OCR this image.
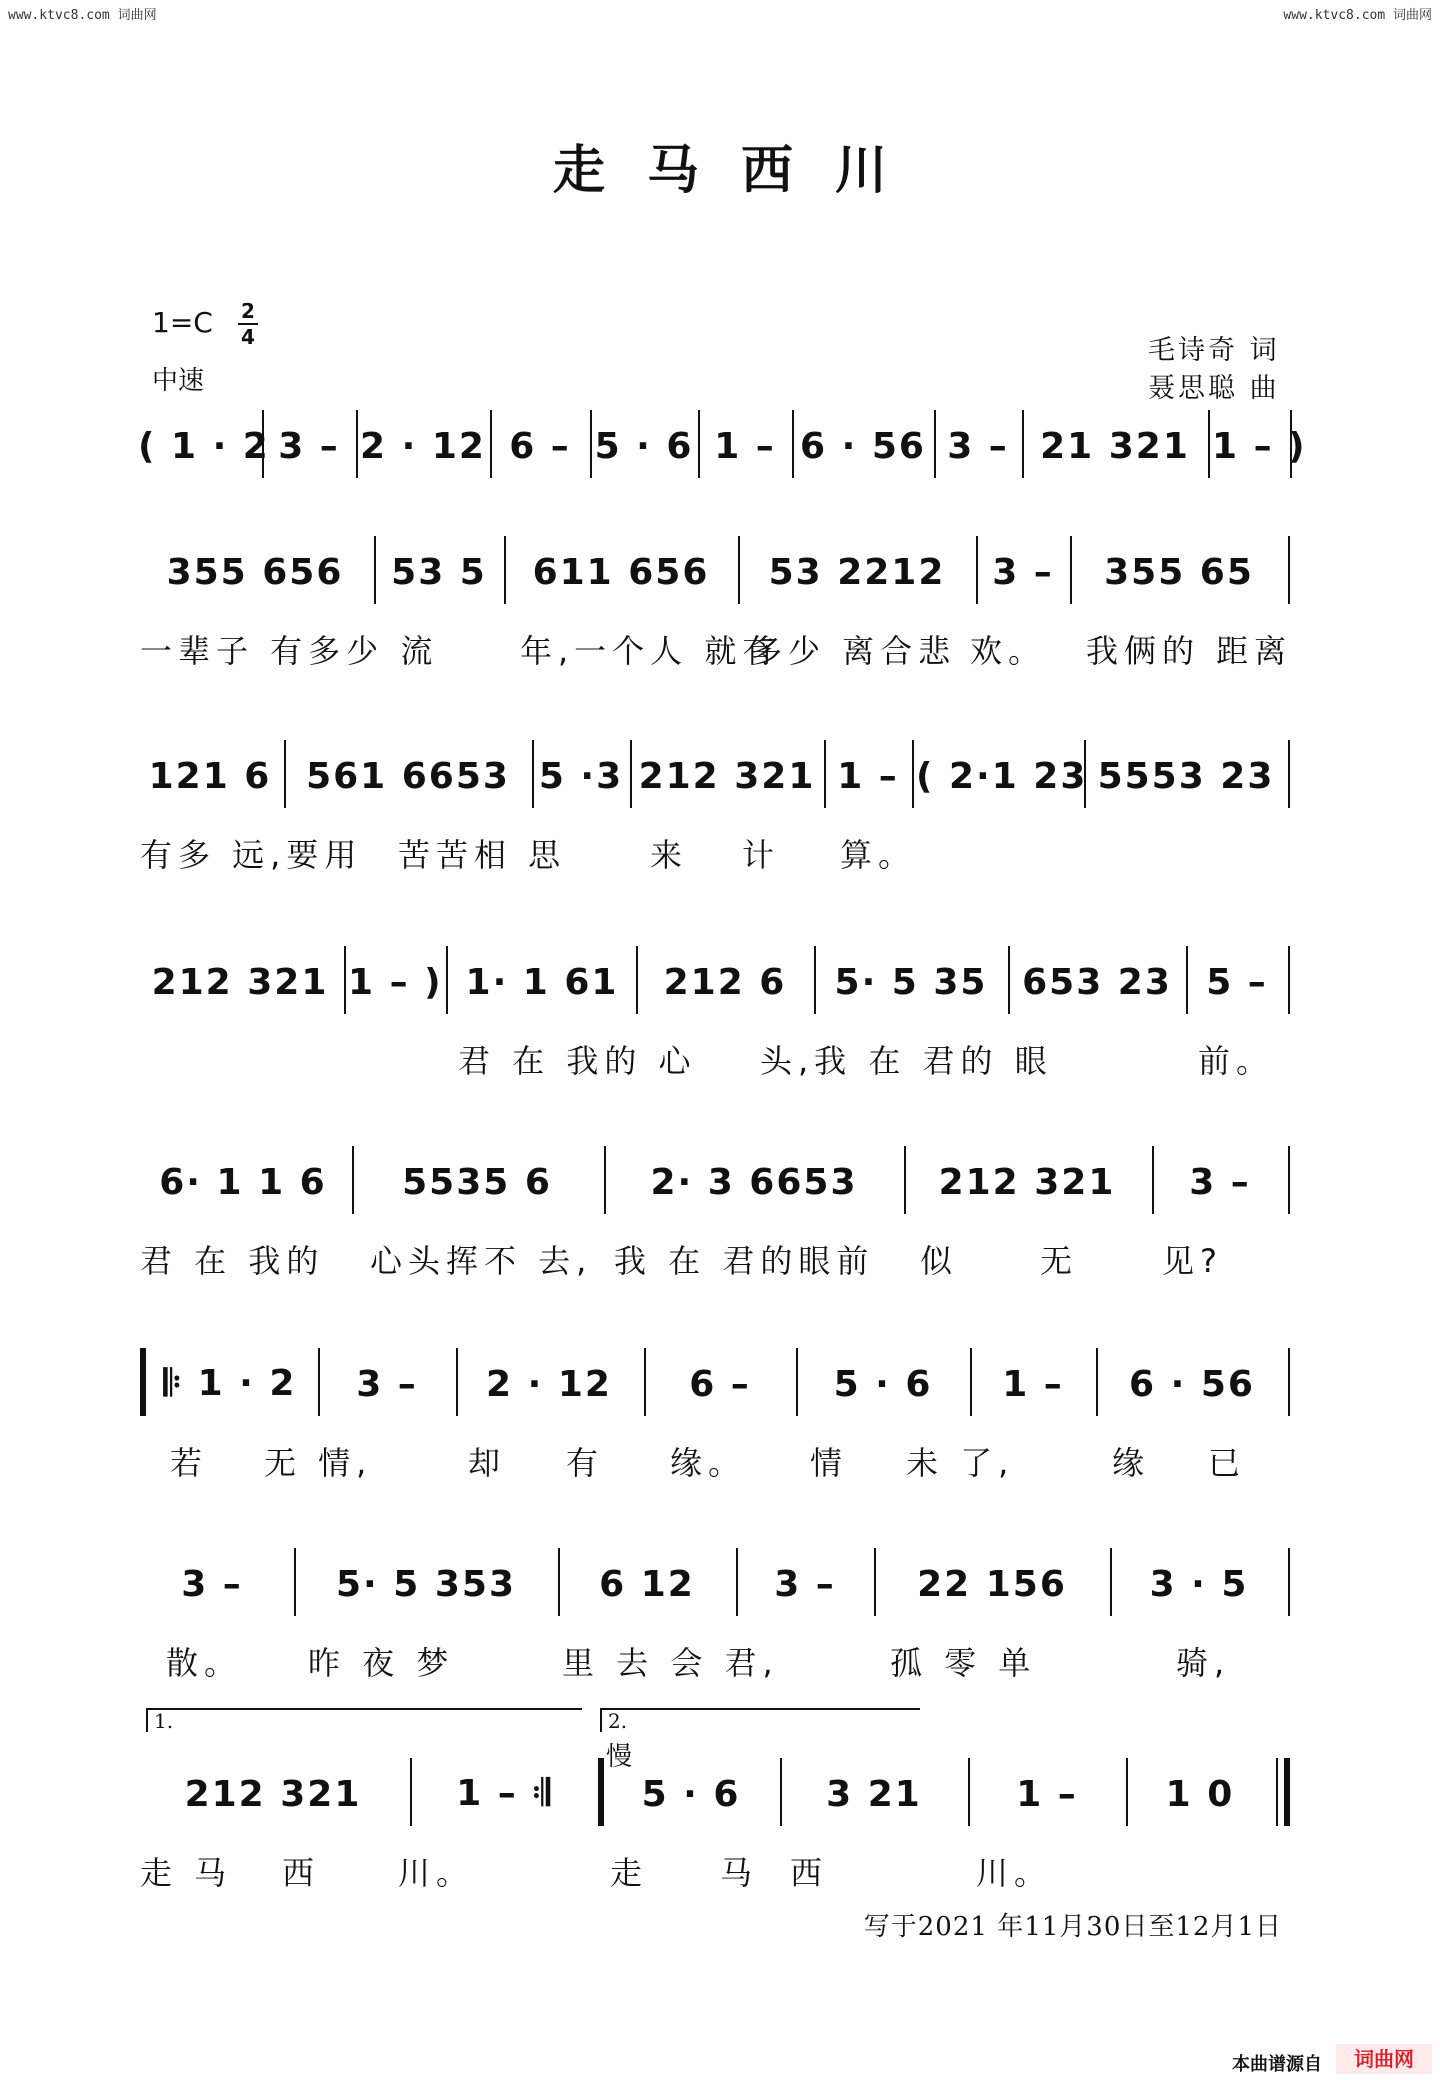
www.ktvc8.com 词曲网	www.ktvc8.com 词曲网
走马西川
1=C 2
4
中速
毛诗奇 词
聂思聪 曲
( 1 · 2 3 – 2 · 12 6 – 5 · 6 1 – 6 · 56 3 – 21 321 1 – )
355 656	53 5	611 656	53 2212	3 –	355 65
一辈子 有多少 流	年,一个人 就有
多少 离合悲 欢。 我俩的 距离
121 6 561 6653 5 ·3 212 321 1 – ( 2·1 23 5553 23
有多 远,要用 苦苦相 思	来 计 算。
212 321 1 – ) 1· 1 61	212 6	5· 5 35 653 23 5 –
君 在 我的 心 头,我 在 君的 眼	前。
6· 1 1 6	5535 6	2· 3 6653	212 321	3 –
君 在 我的 心头挥不 去, 我 在 君的眼前 似	无	见?
𝄆 1 · 2	3 –	2 · 12	6 –	5 · 6	1 –	6 · 56
若 无 情,	却 有 缘。 情 未 了,	缘 已
3 –	5· 5 353	6 12	3 –	22 156	3 · 5
散。 昨 夜 梦	里 去 会 君,	孤 零 单	骑,
1.	2.
慢
212 321	1 – 𝄇	5 · 6	3 21	1 –	1 0
走 马 西 川。	走 马 西	川。
写于2021 年11月30日至12月1日
本曲谱源自	词曲网
